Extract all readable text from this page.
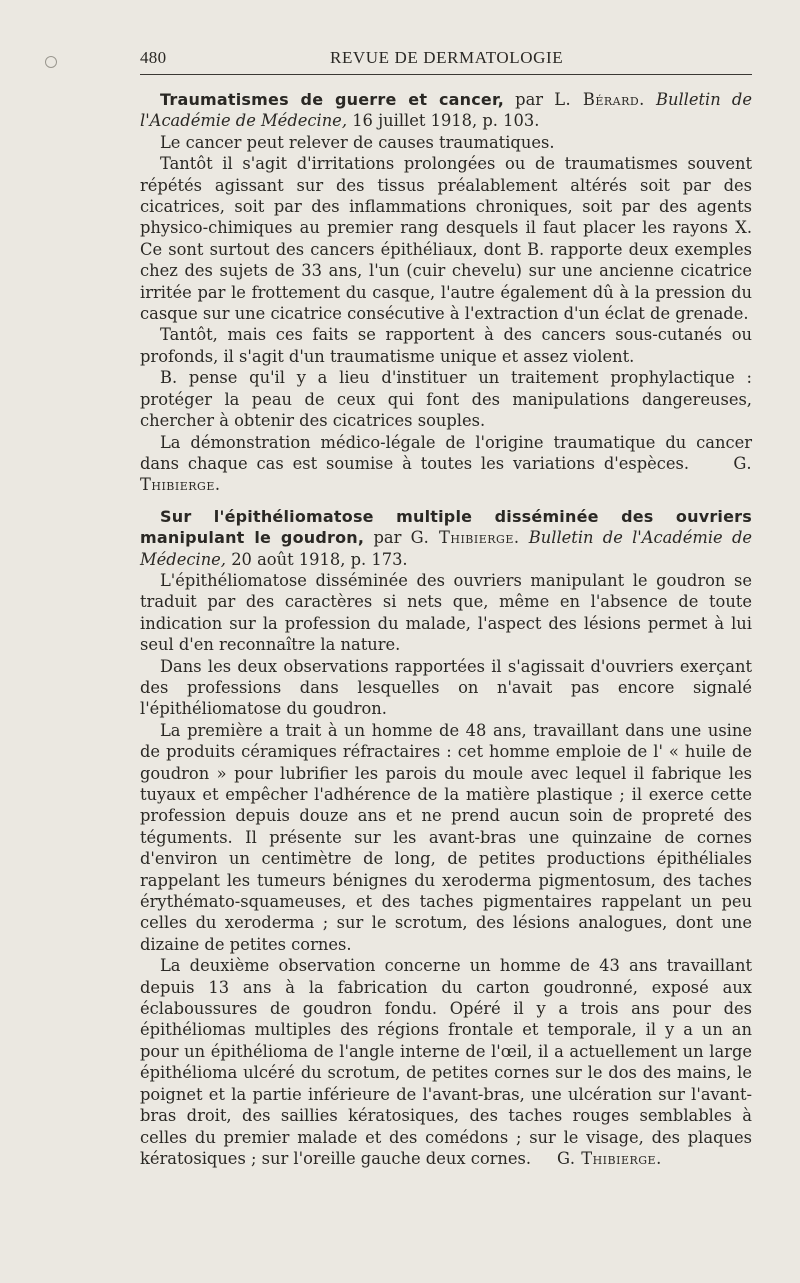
480	REVUE DE DERMATOLOGIE

Traumatismes de guerre et cancer, par L. Bérard. Bulletin de l'Académie de Médecine, 16 juillet 1918, p. 103.

Le cancer peut relever de causes traumatiques.

Tantôt il s'agit d'irritations prolongées ou de traumatismes souvent répétés agissant sur des tissus préalablement altérés soit par des cicatrices, soit par des inflammations chroniques, soit par des agents physico-chimiques au premier rang desquels il faut placer les rayons X. Ce sont surtout des cancers épithéliaux, dont B. rapporte deux exemples chez des sujets de 33 ans, l'un (cuir chevelu) sur une ancienne cicatrice irritée par le frottement du casque, l'autre également dû à la pression du casque sur une cicatrice consécutive à l'extraction d'un éclat de grenade.

Tantôt, mais ces faits se rapportent à des cancers sous-cutanés ou profonds, il s'agit d'un traumatisme unique et assez violent.

B. pense qu'il y a lieu d'instituer un traitement prophylactique : protéger la peau de ceux qui font des manipulations dangereuses, chercher à obtenir des cicatrices souples.

La démonstration médico-légale de l'origine traumatique du cancer dans chaque cas est soumise à toutes les variations d'espèces.	G. Thibierge.

Sur l'épithéliomatose multiple disséminée des ouvriers manipulant le goudron, par G. Thibierge. Bulletin de l'Académie de Médecine, 20 août 1918, p. 173.

L'épithéliomatose disséminée des ouvriers manipulant le goudron se traduit par des caractères si nets que, même en l'absence de toute indication sur la profession du malade, l'aspect des lésions permet à lui seul d'en reconnaître la nature.

Dans les deux observations rapportées il s'agissait d'ouvriers exerçant des professions dans lesquelles on n'avait pas encore signalé l'épithéliomatose du goudron.

La première a trait à un homme de 48 ans, travaillant dans une usine de produits céramiques réfractaires : cet homme emploie de l' « huile de goudron » pour lubrifier les parois du moule avec lequel il fabrique les tuyaux et empêcher l'adhérence de la matière plastique ; il exerce cette profession depuis douze ans et ne prend aucun soin de propreté des téguments. Il présente sur les avant-bras une quinzaine de cornes d'environ un centimètre de long, de petites productions épithéliales rappelant les tumeurs bénignes du xeroderma pigmentosum, des taches érythémato-squameuses, et des taches pigmentaires rappelant un peu celles du xeroderma ; sur le scrotum, des lésions analogues, dont une dizaine de petites cornes.

La deuxième observation concerne un homme de 43 ans travaillant depuis 13 ans à la fabrication du carton goudronné, exposé aux éclaboussures de goudron fondu. Opéré il y a trois ans pour des épithéliomas multiples des régions frontale et temporale, il y a un an pour un épithélioma de l'angle interne de l'œil, il a actuellement un large épithélioma ulcéré du scrotum, de petites cornes sur le dos des mains, le poignet et la partie inférieure de l'avant-bras, une ulcération sur l'avant-bras droit, des saillies kératosiques, des taches rouges semblables à celles du premier malade et des comédons ; sur le visage, des plaques kératosiques ; sur l'oreille gauche deux cornes. G. Thibierge.
